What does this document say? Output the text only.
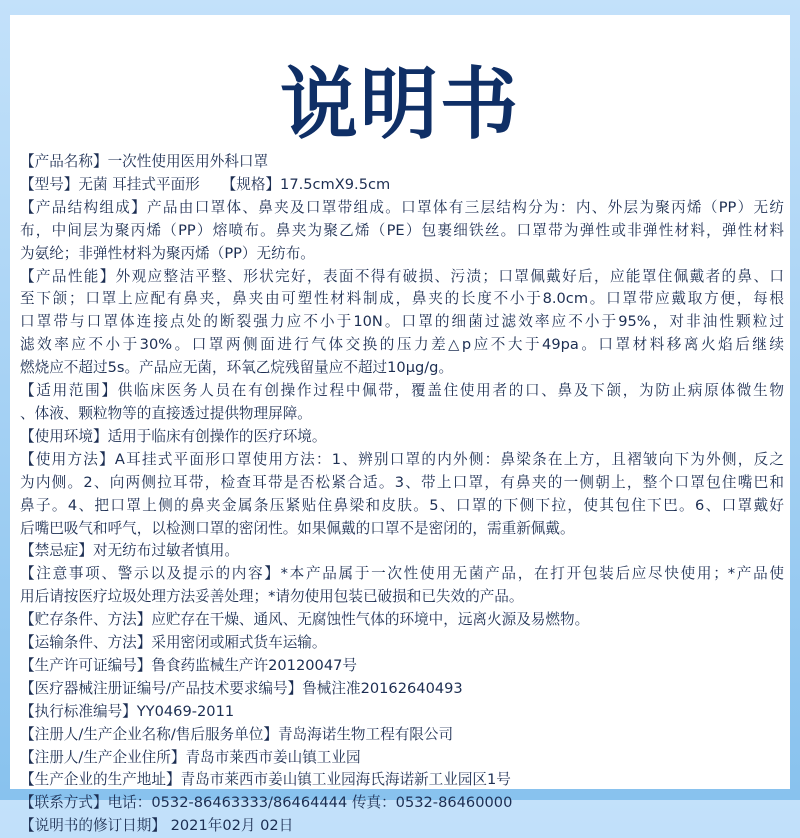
说明书
【产品名称】一次性使用医用外科口罩
【型号】无菌 耳挂式平面形　　【规格】17.5cmX9.5cm
【产品结构组成】产品由口罩体、鼻夹及口罩带组成。口罩体有三层结构分为：内、外层为聚丙烯（PP）无纺
布，中间层为聚丙烯（PP）熔喷布。鼻夹为聚乙烯（PE）包裹细铁丝。口罩带为弹性或非弹性材料，弹性材料
为氨纶；非弹性材料为聚丙烯（PP）无纺布。
【产品性能】外观应整洁平整、形状完好，表面不得有破损、污渍；口罩佩戴好后，应能罩住佩戴者的鼻、口
至下颌；口罩上应配有鼻夹，鼻夹由可塑性材料制成，鼻夹的长度不小于8.0cm。口罩带应戴取方便，每根
口罩带与口罩体连接点处的断裂强力应不小于10N。口罩的细菌过滤效率应不小于95%，对非油性颗粒过
滤效率应不小于30%。口罩两侧面进行气体交换的压力差△p应不大于49pa。口罩材料移离火焰后继续
燃烧应不超过5s。产品应无菌，环氧乙烷残留量应不超过10μg/g。
【适用范围】供临床医务人员在有创操作过程中佩带，覆盖住使用者的口、鼻及下颌，为防止病原体微生物
、体液、颗粒物等的直接透过提供物理屏障。
【使用环境】适用于临床有创操作的医疗环境。
【使用方法】A耳挂式平面形口罩使用方法：1、辨别口罩的内外侧：鼻梁条在上方，且褶皱向下为外侧，反之
为内侧。2、向两侧拉耳带，检查耳带是否松紧合适。3、带上口罩，有鼻夹的一侧朝上，整个口罩包住嘴巴和
鼻子。4、把口罩上侧的鼻夹金属条压紧贴住鼻梁和皮肤。5、口罩的下侧下拉，使其包住下巴。6、口罩戴好
后嘴巴吸气和呼气，以检测口罩的密闭性。如果佩戴的口罩不是密闭的，需重新佩戴。
【禁忌症】对无纺布过敏者慎用。
【注意事项、警示以及提示的内容】*本产品属于一次性使用无菌产品，在打开包装后应尽快使用；*产品使
用后请按医疗垃圾处理方法妥善处理；*请勿使用包装已破损和已失效的产品。
【贮存条件、方法】应贮存在干燥、通风、无腐蚀性气体的环境中，远离火源及易燃物。
【运输条件、方法】采用密闭或厢式货车运输。
【生产许可证编号】鲁食药监械生产许20120047号
【医疗器械注册证编号/产品技术要求编号】鲁械注准20162640493
【执行标准编号】YY0469-2011
【注册人/生产企业名称/售后服务单位】青岛海诺生物工程有限公司
【注册人/生产企业住所】青岛市莱西市姜山镇工业园
【生产企业的生产地址】青岛市莱西市姜山镇工业园海氏海诺新工业园区1号
【联系方式】电话：0532-86463333/86464444 传真：0532-86460000
【说明书的修订日期】 2021年02月 02日
